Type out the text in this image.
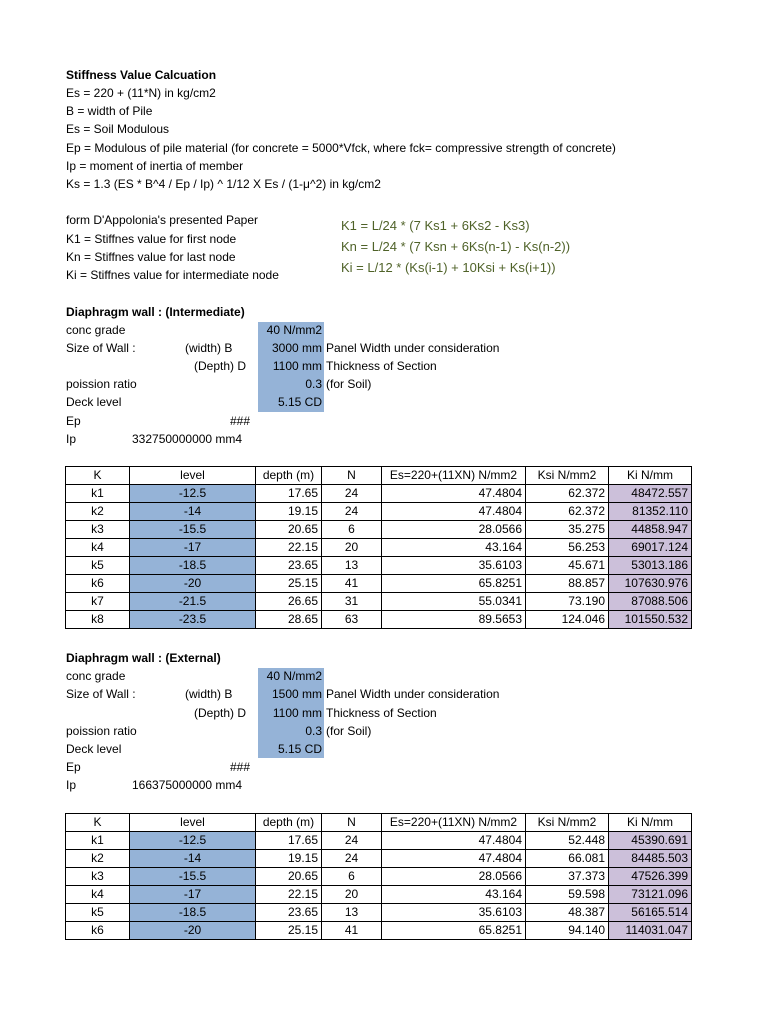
Stiffness Value Calcuation
Es = 220 + (11*N) in kg/cm2
B = width of Pile
Es = Soil Modulous
Ep = Modulous of pile material (for concrete = 5000*Vfck, where fck= compressive strength of concrete)
Ip = moment of inertia of member
Ks = 1.3 (ES * B^4 / Ep / Ip) ^ 1/12 X Es / (1-μ^2) in kg/cm2
form D'Appolonia's presented Paper
K1 = Stiffnes value for first node
Kn = Stiffnes value for last node
Ki = Stiffnes value for intermediate node
K1 = L/24 * (7 Ks1 + 6Ks2 - Ks3)
Kn = L/24 * (7 Ksn + 6Ks(n-1) - Ks(n-2))
Ki = L/12 * (Ks(i-1) + 10Ksi + Ks(i+1))
Diaphragm wall : (Intermediate)
conc grade	40 N/mm2
Size of Wall :	(width) B	3000 mm Panel Width under consideration
(Depth) D 1100 mm Thickness of Section
poission ratio	0.3 (for Soil)
Deck level	5.15 CD
Ep	###
Ip	332750000000 mm4
K	level	depth (m)	N	Es=220+(11XN) N/mm2	Ksi N/mm2	Ki N/mm
k1	-12.5	17.65	24	47.4804	62.372	48472.557
k2	-14	19.15	24	47.4804	62.372	81352.110
k3	-15.5	20.65	6	28.0566	35.275	44858.947
k4	-17	22.15	20	43.164	56.253	69017.124
k5	-18.5	23.65	13	35.6103	45.671	53013.186
k6	-20	25.15	41	65.8251	88.857	107630.976
k7	-21.5	26.65	31	55.0341	73.190	87088.506
k8	-23.5	28.65	63	89.5653	124.046	101550.532
Diaphragm wall : (External)
conc grade	40 N/mm2
Size of Wall :	(width) B	1500 mm Panel Width under consideration
(Depth) D 1100 mm Thickness of Section
poission ratio	0.3 (for Soil)
Deck level	5.15 CD
Ep	###
Ip	166375000000 mm4
K	level	depth (m)	N	Es=220+(11XN) N/mm2	Ksi N/mm2	Ki N/mm
k1	-12.5	17.65	24	47.4804	52.448	45390.691
k2	-14	19.15	24	47.4804	66.081	84485.503
k3	-15.5	20.65	6	28.0566	37.373	47526.399
k4	-17	22.15	20	43.164	59.598	73121.096
k5	-18.5	23.65	13	35.6103	48.387	56165.514
k6	-20	25.15	41	65.8251	94.140	114031.047
